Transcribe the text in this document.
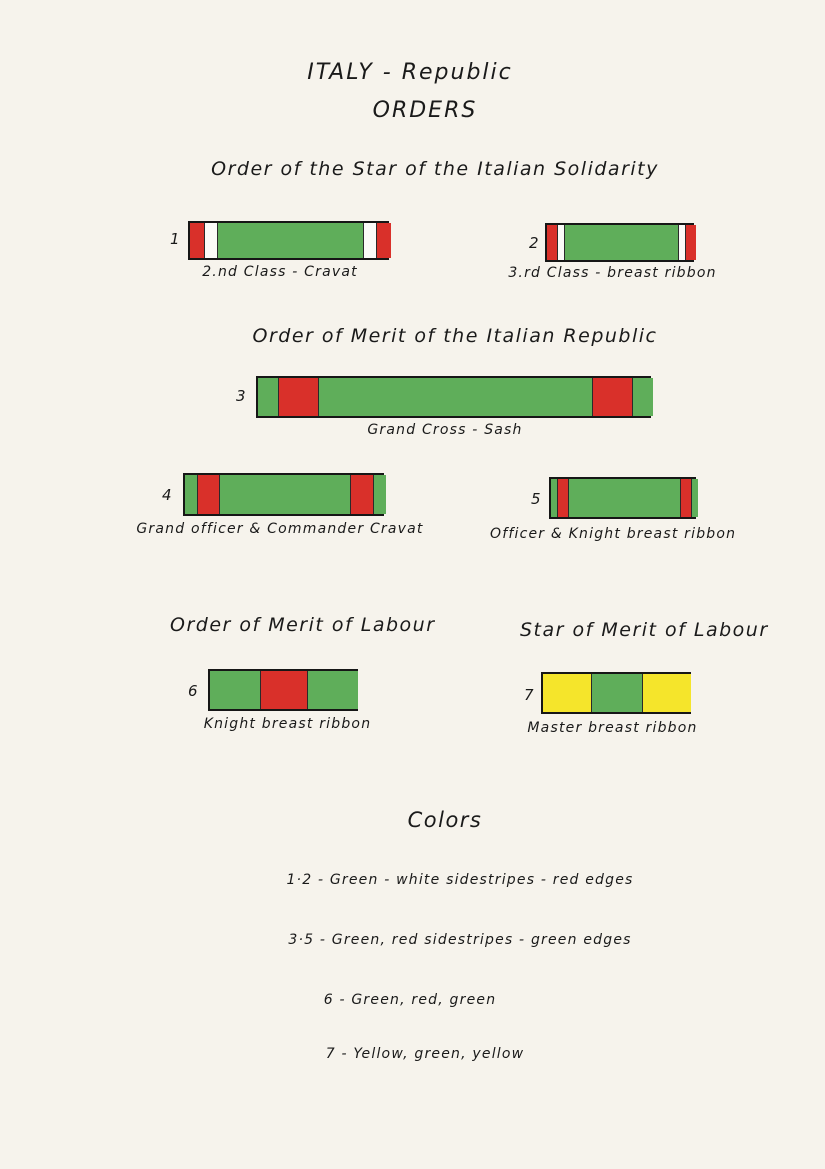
ITALY - Republic
ORDERS
Order of the Star of the Italian Solidarity
1
2.nd Class - Cravat
2
3.rd Class - breast ribbon
Order of Merit of the Italian Republic
3
Grand Cross - Sash
4
Grand officer & Commander Cravat
5
Officer & Knight breast ribbon
Order of Merit of Labour	Star of Merit of Labour
6
Knight breast ribbon
7
Master breast ribbon
Colors
1·2 - Green - white sidestripes - red edges
3·5 - Green, red sidestripes - green edges
6 - Green, red, green
7 - Yellow, green, yellow
